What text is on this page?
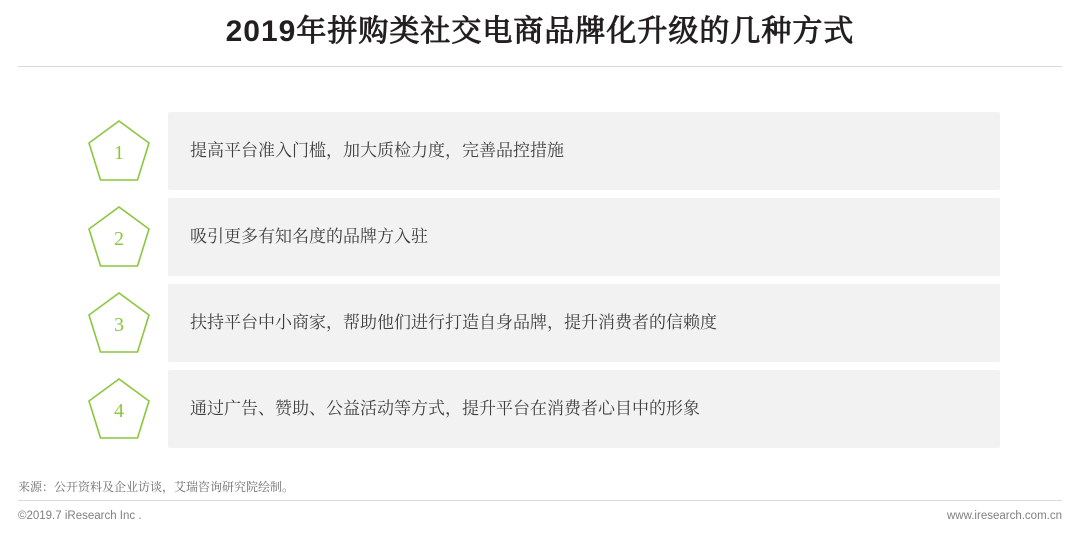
2019年拼购类社交电商品牌化升级的几种方式
1	提高平台准入门槛，加大质检力度，完善品控措施
2	吸引更多有知名度的品牌方入驻
3	扶持平台中小商家，帮助他们进行打造自身品牌，提升消费者的信赖度
4	通过广告、赞助、公益活动等方式，提升平台在消费者心目中的形象
来源：公开资料及企业访谈，艾瑞咨询研究院绘制。
©2019.7 iResearch Inc .	www.iresearch.com.cn
